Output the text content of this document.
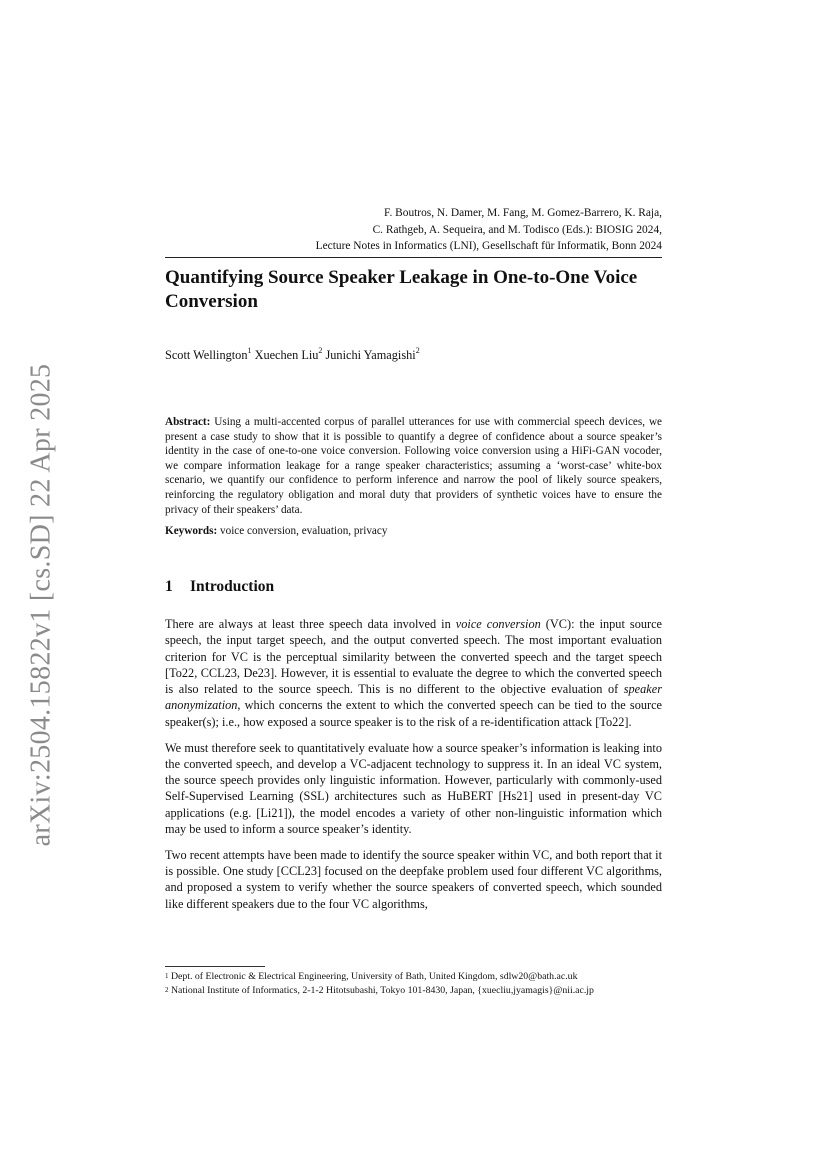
arXiv:2504.15822v1 [cs.SD] 22 Apr 2025
F. Boutros, N. Damer, M. Fang, M. Gomez-Barrero, K. Raja,
C. Rathgeb, A. Sequeira, and M. Todisco (Eds.): BIOSIG 2024,
Lecture Notes in Informatics (LNI), Gesellschaft für Informatik, Bonn 2024
Quantifying Source Speaker Leakage in One-to-One Voice Conversion
Scott Wellington$^1$ Xuechen Liu$^2$ Junichi Yamagishi$^2$

Abstract: Using a multi-accented corpus of parallel utterances for use with commercial speech devices, we present a case study to show that it is possible to quantify a degree of confidence about a source speaker’s identity in the case of one-to-one voice conversion. Following voice conversion using a HiFi-GAN vocoder, we compare information leakage for a range speaker characteristics; assuming a ‘worst-case’ white-box scenario, we quantify our confidence to perform inference and narrow the pool of likely source speakers, reinforcing the regulatory obligation and moral duty that providers of synthetic voices have to ensure the privacy of their speakers’ data.

Keywords: voice conversion, evaluation, privacy
1 Introduction

There are always at least three speech data involved in voice conversion (VC): the input source speech, the input target speech, and the output converted speech. The most important evaluation criterion for VC is the perceptual similarity between the converted speech and the target speech [To22, CCL23, De23]. However, it is essential to evaluate the degree to which the converted speech is also related to the source speech. This is no different to the objective evaluation of speaker anonymization, which concerns the extent to which the converted speech can be tied to the source speaker(s); i.e., how exposed a source speaker is to the risk of a re-identification attack [To22].

We must therefore seek to quantitatively evaluate how a source speaker’s information is leaking into the converted speech, and develop a VC-adjacent technology to suppress it. In an ideal VC system, the source speech provides only linguistic information. However, particularly with commonly-used Self-Supervised Learning (SSL) architectures such as HuBERT [Hs21] used in present-day VC applications (e.g. [Li21]), the model encodes a variety of other non-linguistic information which may be used to inform a source speaker’s identity.

Two recent attempts have been made to identify the source speaker within VC, and both report that it is possible. One study [CCL23] focused on the deepfake problem used four different VC algorithms, and proposed a system to verify whether the source speakers of converted speech, which sounded like different speakers due to the four VC algorithms,

$^1$ Dept. of Electronic & Electrical Engineering, University of Bath, United Kingdom, sdlw20@bath.ac.uk
$^2$ National Institute of Informatics, 2-1-2 Hitotsubashi, Tokyo 101-8430, Japan, {xuecliu,jyamagis}@nii.ac.jp
